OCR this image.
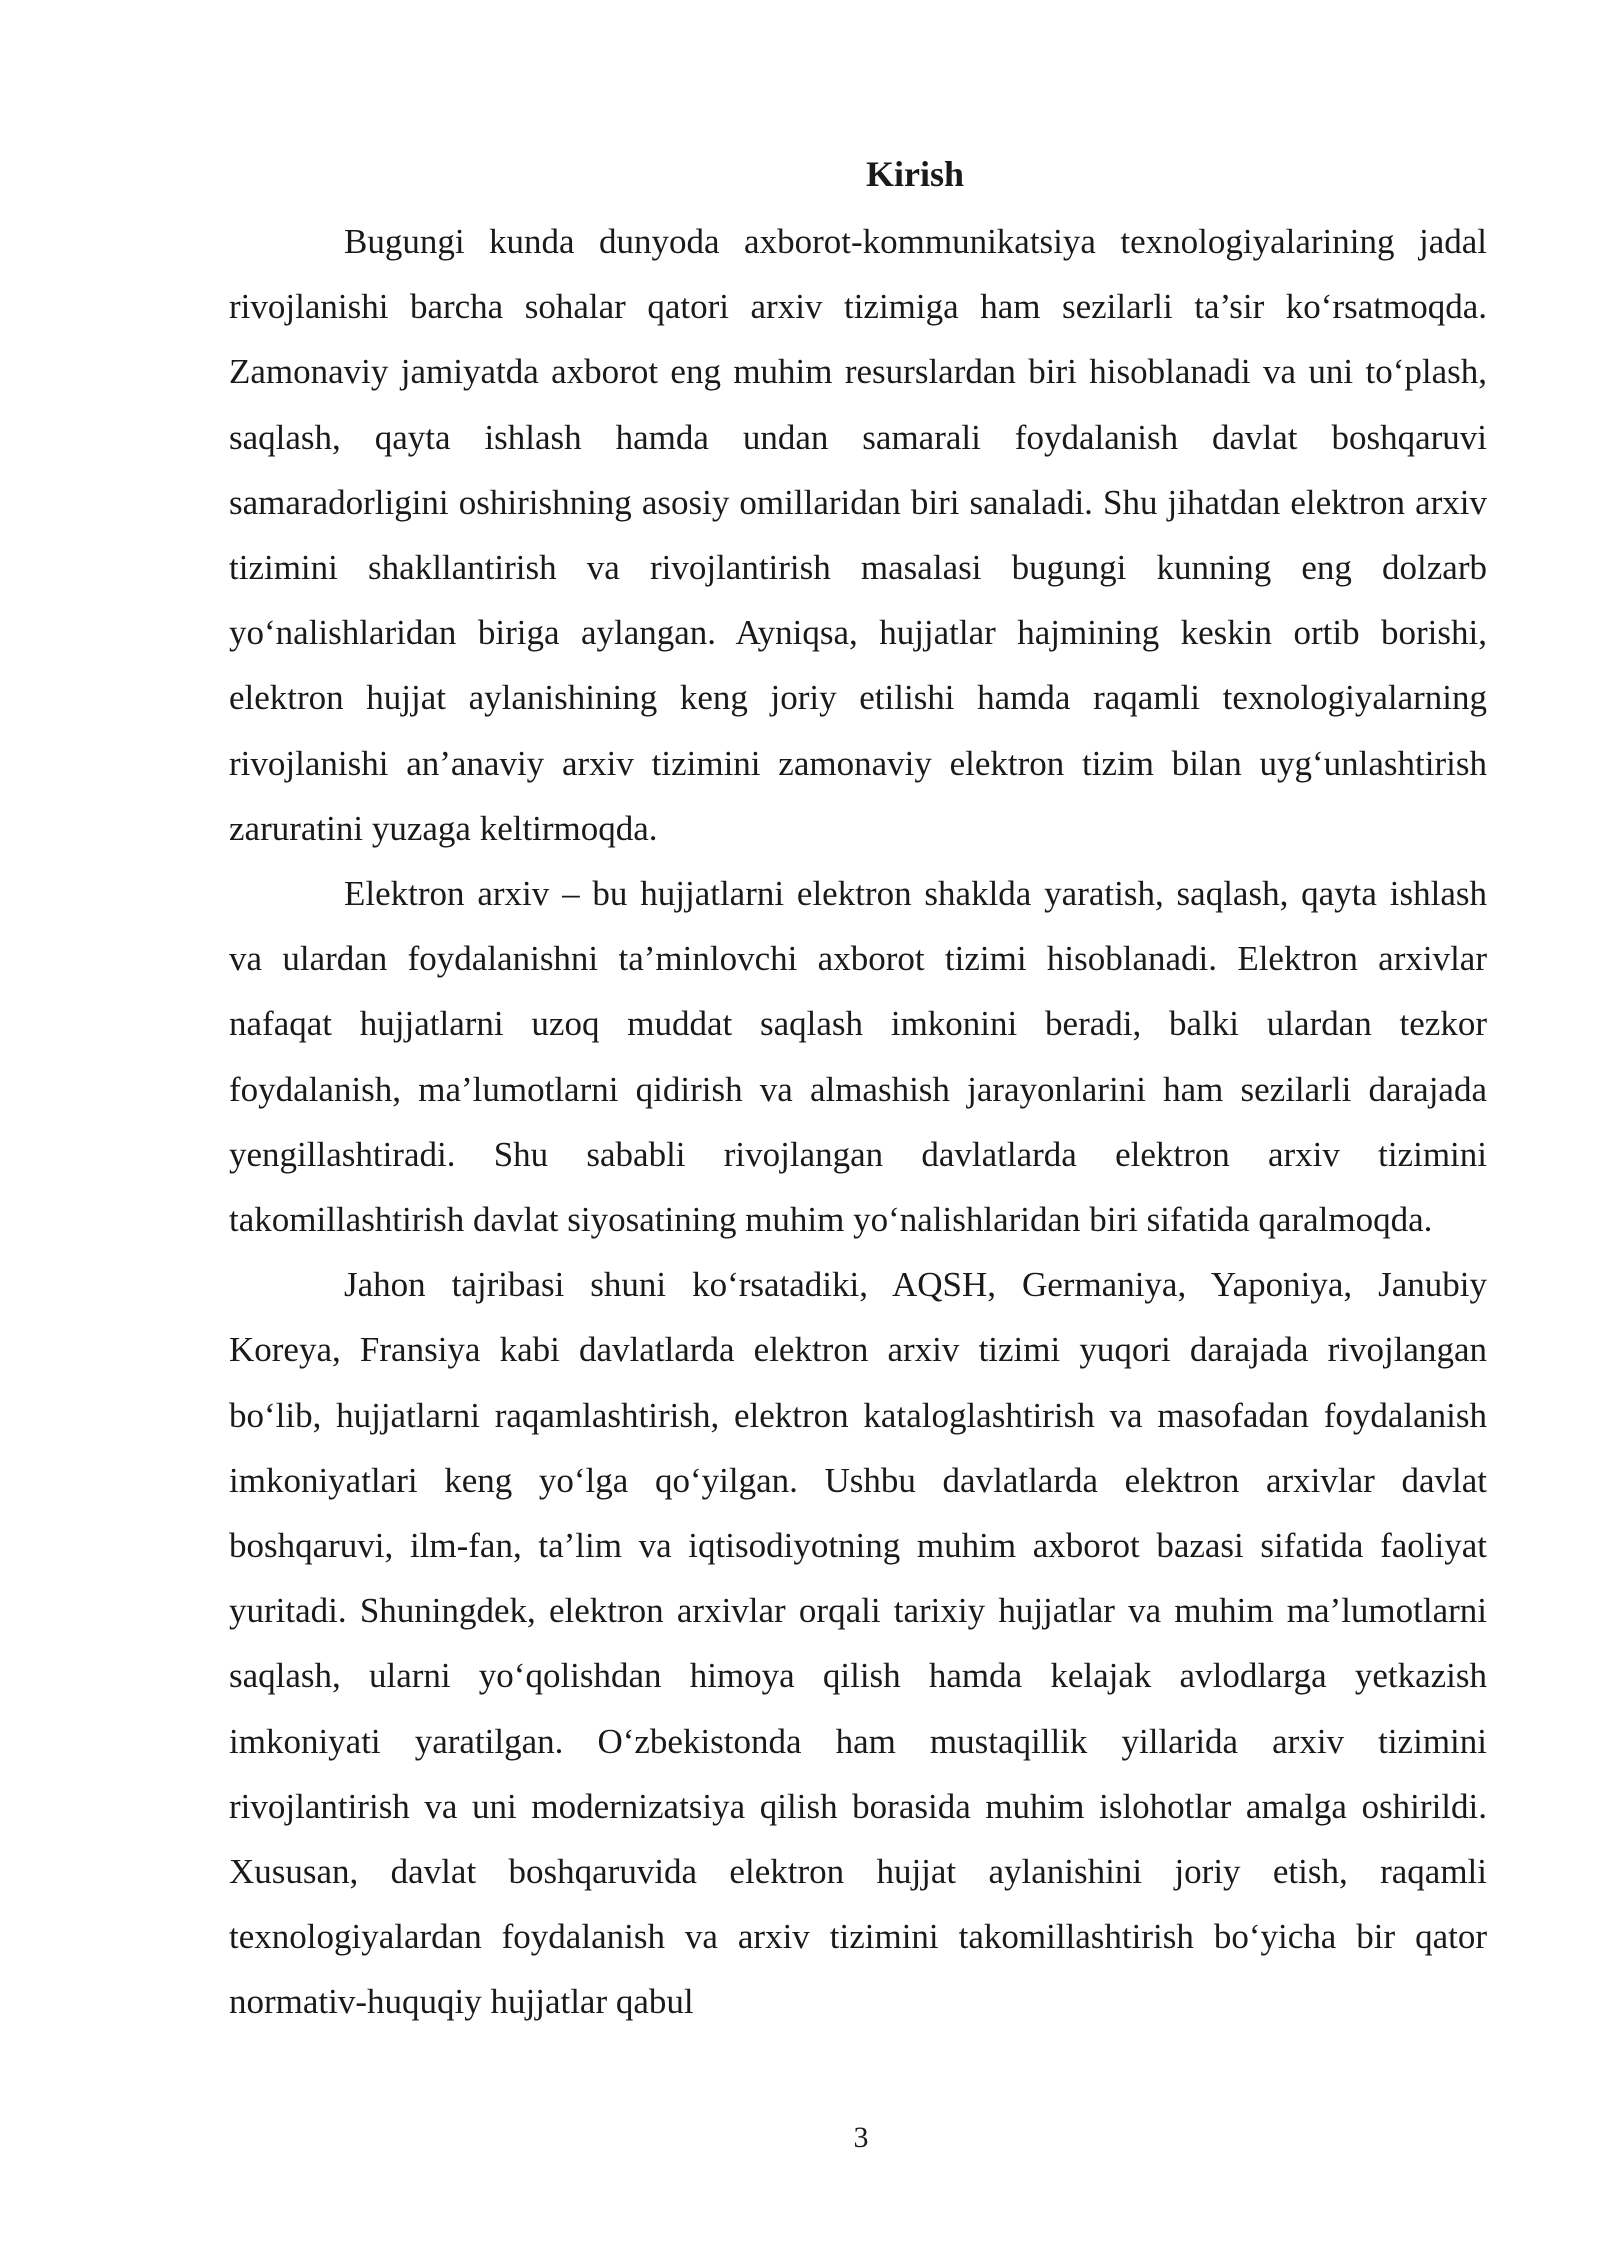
Kirish

Bugungi kunda dunyoda axborot-kommunikatsiya texnologiyalarining jadal rivojlanishi barcha sohalar qatori arxiv tizimiga ham sezilarli ta’sir ko‘rsatmoqda. Zamonaviy jamiyatda axborot eng muhim resurslardan biri hisoblanadi va uni to‘plash, saqlash, qayta ishlash hamda undan samarali foydalanish davlat boshqaruvi samaradorligini oshirishning asosiy omillaridan biri sanaladi. Shu jihatdan elektron arxiv tizimini shakllantirish va rivojlantirish masalasi bugungi kunning eng dolzarb yo‘nalishlaridan biriga aylangan. Ayniqsa, hujjatlar hajmining keskin ortib borishi, elektron hujjat aylanishining keng joriy etilishi hamda raqamli texnologiyalarning rivojlanishi an’anaviy arxiv tizimini zamonaviy elektron tizim bilan uyg‘unlashtirish zaruratini yuzaga keltirmoqda.

Elektron arxiv – bu hujjatlarni elektron shaklda yaratish, saqlash, qayta ishlash va ulardan foydalanishni ta’minlovchi axborot tizimi hisoblanadi. Elektron arxivlar nafaqat hujjatlarni uzoq muddat saqlash imkonini beradi, balki ulardan tezkor foydalanish, ma’lumotlarni qidirish va almashish jarayonlarini ham sezilarli darajada yengillashtiradi. Shu sababli rivojlangan davlatlarda elektron arxiv tizimini takomillashtirish davlat siyosatining muhim yo‘nalishlaridan biri sifatida qaralmoqda.

Jahon tajribasi shuni ko‘rsatadiki, AQSH, Germaniya, Yaponiya, Janubiy Koreya, Fransiya kabi davlatlarda elektron arxiv tizimi yuqori darajada rivojlangan bo‘lib, hujjatlarni raqamlashtirish, elektron kataloglashtirish va masofadan foydalanish imkoniyatlari keng yo‘lga qo‘yilgan. Ushbu davlatlarda elektron arxivlar davlat boshqaruvi, ilm-fan, ta’lim va iqtisodiyotning muhim axborot bazasi sifatida faoliyat yuritadi. Shuningdek, elektron arxivlar orqali tarixiy hujjatlar va muhim ma’lumotlarni saqlash, ularni yo‘qolishdan himoya qilish hamda kelajak avlodlarga yetkazish imkoniyati yaratilgan. O‘zbekistonda ham mustaqillik yillarida arxiv tizimini rivojlantirish va uni modernizatsiya qilish borasida muhim islohotlar amalga oshirildi. Xususan, davlat boshqaruvida elektron hujjat aylanishini joriy etish, raqamli texnologiyalardan foydalanish va arxiv tizimini takomillashtirish bo‘yicha bir qator normativ-huquqiy hujjatlar qabul

3
